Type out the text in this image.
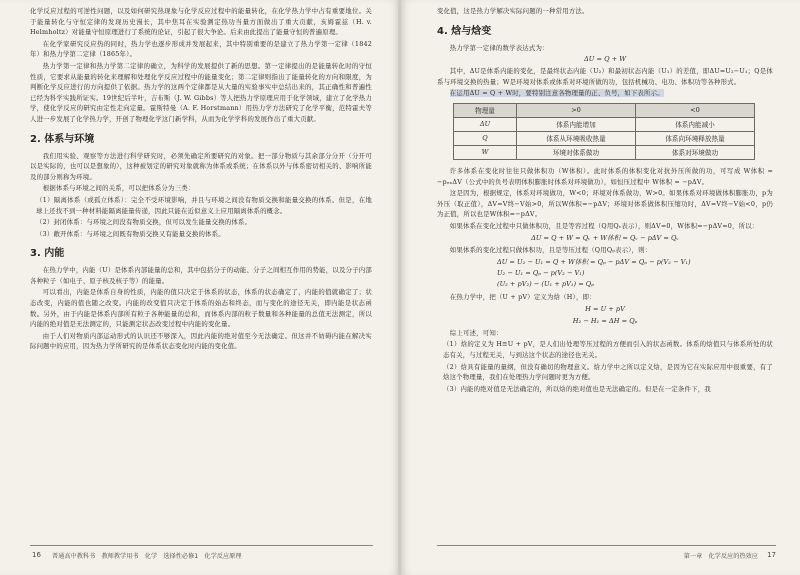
化学反应过程的可逆性问题，以及如何研究热现象与化学反应过程中的能量转化，在化学热力学中占有重要地位。关于能量转化与守恒定律的发现历史漫长，其中焦耳在实验测定热功当量方面做出了重大贡献，亥姆霍兹（H. v. Helmholtz）对能量守恒原理进行了系统的论证，引起了很大争论。后来由此提出了能量守恒的普遍原理。

在化学家研究反应热的同时，热力学也逐步形成并发展起来，其中特别重要的是建立了热力学第一定律（1842年）和热力学第二定律（1865年）。

热力学第一定律和热力学第二定律的确立，为科学的发展提供了新的思想。第一定律提出的是能量转化时的守恒性质，它要求从能量的转化来理解和处理化学反应过程中的能量变化；第二定律则指出了能量转化的方向和限度，为判断化学反应进行的方向提供了依据。热力学的这两个定律都是从大量的实验事实中总结出来的，其正确性和普遍性已经为科学实践所证实。19世纪后半叶，吉布斯（J. W. Gibbs）等人把热力学原理应用于化学领域，建立了化学热力学，使化学反应的研究由定性走向定量。霍斯特曼（A. F. Horstmann）用热力学方法研究了化学平衡，范特霍夫等人进一步发展了化学热力学，开创了物理化学这门新学科，从而为化学学科的发展作出了重大贡献。

2. 体系与环境

我们用实验、观察等方法进行科学研究时，必须先确定所要研究的对象。把一部分物质与其余部分分开（分开可以是实际的，也可以是想象的），这种被划定的研究对象就称为体系或系统；在体系以外与体系密切相关的、影响所能及的部分则称为环境。

根据体系与环境之间的关系，可以把体系分为三类：

（1）隔离体系（或孤立体系）：完全不受环境影响，并且与环境之间没有物质交换和能量交换的体系。但是，在地球上还找不到一种材料能隔离能量传递，因此只能在近似意义上应用隔离体系的概念。

（2）封闭体系：与环境之间没有物质交换，但可以发生能量交换的体系。

（3）敞开体系：与环境之间既有物质交换又有能量交换的体系。

3. 内能

在热力学中，内能（U）是体系内部能量的总和，其中包括分子的动能、分子之间相互作用的势能，以及分子内部各种粒子（如电子、原子核及核子等）的能量。

可以看出，内能是体系自身的性质，内能的值只决定于体系的状态，体系的状态确定了，内能的值就确定了；状态改变，内能的值也随之改变。内能的改变值只决定于体系的始态和终态，而与变化的途径无关，即内能是状态函数。另外，由于内能是体系内部所有粒子各种能量的总和，而体系内部的粒子数量和各种能量的总值无法测定，所以内能的绝对值是无法测定的，只能测定状态改变过程中内能的变化量。

由于人们对物质内部运动形式的认识还不够深入，因此内能的绝对值至今无法确定。但这并不妨碍内能在解决实际问题中的应用，因为热力学所研究的是体系状态变化时内能的变化值。

16 普通高中教科书　教师教学用书　化学　选择性必修1　化学反应原理

变化值，这是热力学解决实际问题的一种常用方法。

4. 焓与焓变

热力学第一定律的数学表达式为：

ΔU = Q + W

其中，ΔU是体系内能的变化，是最终状态内能（U₂）和最初状态内能（U₁）的差值，即ΔU=U₂−U₁；Q是体系与环境交换的热量；W是环境对体系或体系对环境所做的功，包括机械功、电功、体积功等各种形式。

在运用ΔU = Q + W时，要特别注意各物理量的正、负号，如下表所示。

物理量	>0	<0
ΔU	体系内能增加	体系内能减小
Q	体系从环境吸收热量	体系向环境释放热量
W	环境对体系做功	体系对环境做功

许多体系在变化时往往只做体积功（W体积）。此时体系的体积变化对抗外压所做的功，可写成 W体积 = −pₑₓΔV（公式中的负号表明体积膨胀时体系对环境做功），如恒压过程中 W体积 = −pΔV。

这是因为，根据规定，体系对环境做功，W<0；环境对体系做功，W>0。如果体系对环境做体积膨胀功，p为外压（取正值），ΔV=V终−V始>0，所以W体积=−pΔV；环境对体系做体积压缩功时，ΔV=V终−V始<0，p仍为正值，所以也是W体积=−pΔV。

如果体系在变化过程中只做体积功，且是等容过程（Q用Qᵥ表示），则ΔV=0，W体积=−pΔV=0，所以：

ΔU = Q + W = Qᵥ + W体积 = Qᵥ − pΔV = Qᵥ

如果体系的变化过程只做体积功，且是等压过程（Q用Qₚ表示），则：

ΔU = U₂ − U₁ = Q + W体积 = Qₚ − pΔV = Qₚ − p(V₂ − V₁)
U₂ − U₁ = Qₚ − p(V₂ − V₁)
(U₂ + pV₂) − (U₁ + pV₁) = Qₚ

在热力学中，把（U + pV）定义为焓（H），即：

H = U + pV
H₂ − H₁ = ΔH = Qₚ

综上可述，可知：

（1）焓的定义为 H≡U + pV，是人们出处理等压过程的方便而引入的状态函数。体系的焓值只与体系所处的状态有关，与过程无关，与到达这个状态的途径也无关。

（2）焓具有能量的量纲，但没有确切的物理意义。焓力学中之所以定义焓，是因为它在实际应用中很重要，有了焓这个物理量，我们在处理热力学问题时更为方便。

（3）内能的绝对值是无法确定的，所以焓的绝对值也是无法确定的。但是在一定条件下，我

第一章　化学反应的热效应 17
